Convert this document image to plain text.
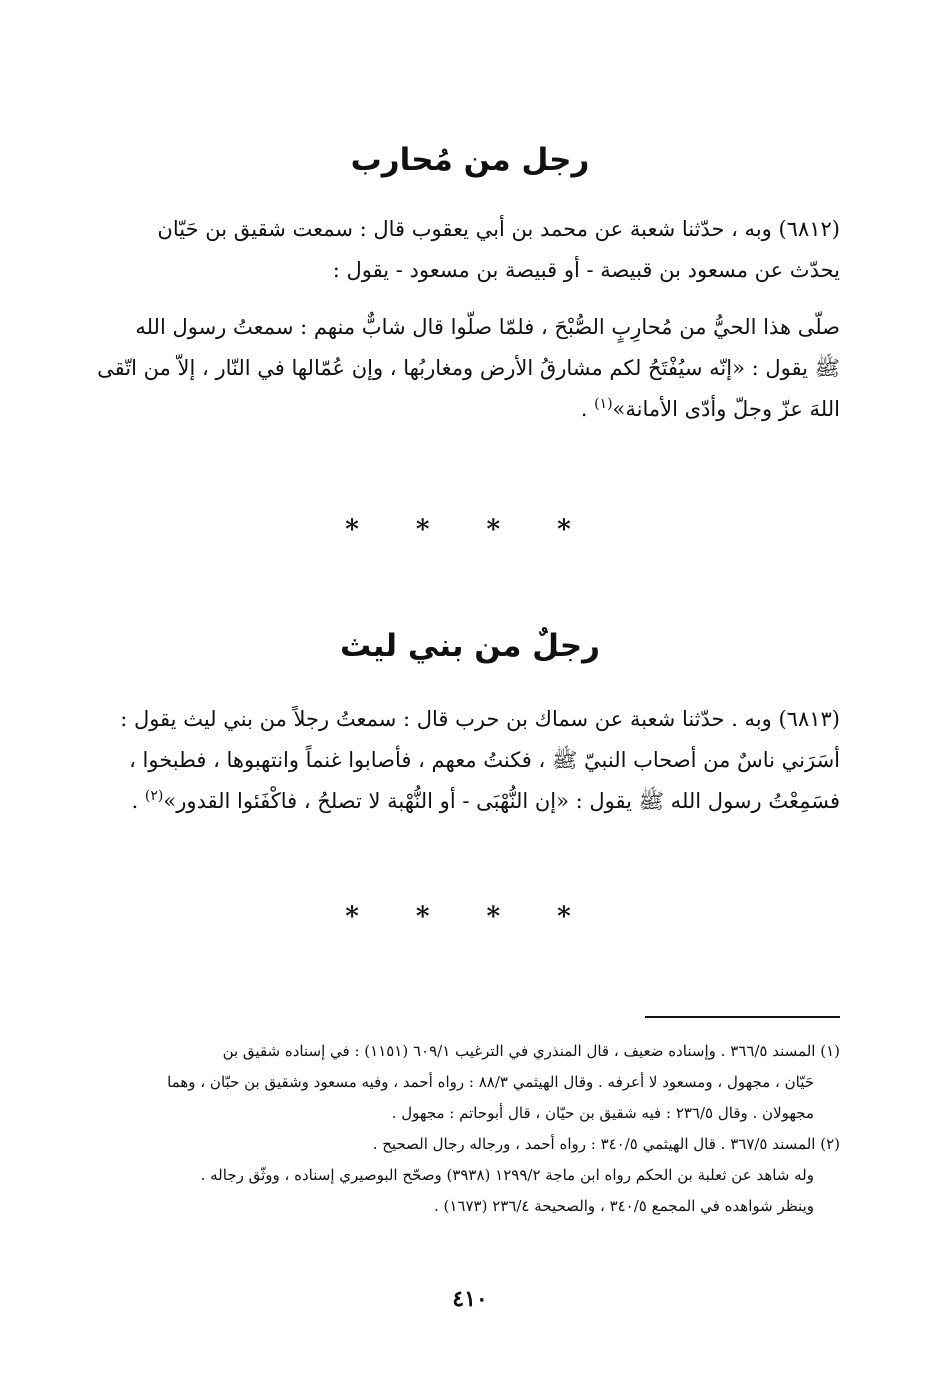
رجل من مُحارب

(٦٨١٢) وبه ، حدّثنا شعبة عن محمد بن أبي يعقوب قال : سمعت شقيق بن حَيّان
يحدّث عن مسعود بن قبيصة - أو قبيصة بن مسعود - يقول :

صلّى هذا الحيُّ من مُحارِبٍ الصُّبْحَ ، فلمّا صلّوا قال شابٌّ منهم : سمعتُ رسول الله
ﷺ يقول : «إنّه سيُفْتَحُ لكم مشارقُ الأرض ومغاربُها ، وإن عُمّالها في النّار ، إلاّ من اتّقى
اللهَ عزّ وجلّ وأدّى الأمانة»$^{(١)}$ .

* * * *
رجلٌ من بني ليث

(٦٨١٣) وبه . حدّثنا شعبة عن سماك بن حرب قال : سمعتُ رجلاً من بني ليث يقول :
أسَرَني ناسٌ من أصحاب النبيّ ﷺ ، فكنتُ معهم ، فأصابوا غنماً وانتهبوها ، فطبخوا ،
فسَمِعْتُ رسول الله ﷺ يقول : «إن النُّهْبَى - أو النُّهْبة لا تصلحُ ، فاكْفَئوا القدور»$^{(٢)}$ .

* * * *
(١) المسند ٣٦٦/٥ . وإسناده ضعيف ، قال المنذري في الترغيب ٦٠٩/١ (١١٥١) : في إسناده شقيق بن
حَيّان ، مجهول ، ومسعود لا أعرفه . وقال الهيثمي ٨٨/٣ : رواه أحمد ، وفيه مسعود وشقيق بن حبّان ، وهما
مجهولان . وقال ٢٣٦/٥ : فيه شقيق بن حيّان ، قال أبوحاتم : مجهول .
(٢) المسند ٣٦٧/٥ . قال الهيثمي ٣٤٠/٥ : رواه أحمد ، ورجاله رجال الصحيح .
وله شاهد عن ثعلبة بن الحكم رواه ابن ماجة ١٢٩٩/٢ (٣٩٣٨) وصحّح البوصيري إسناده ، ووثّق رجاله .
وينظر شواهده في المجمع ٣٤٠/٥ ، والصحيحة ٢٣٦/٤ (١٦٧٣) .
٤١٠
